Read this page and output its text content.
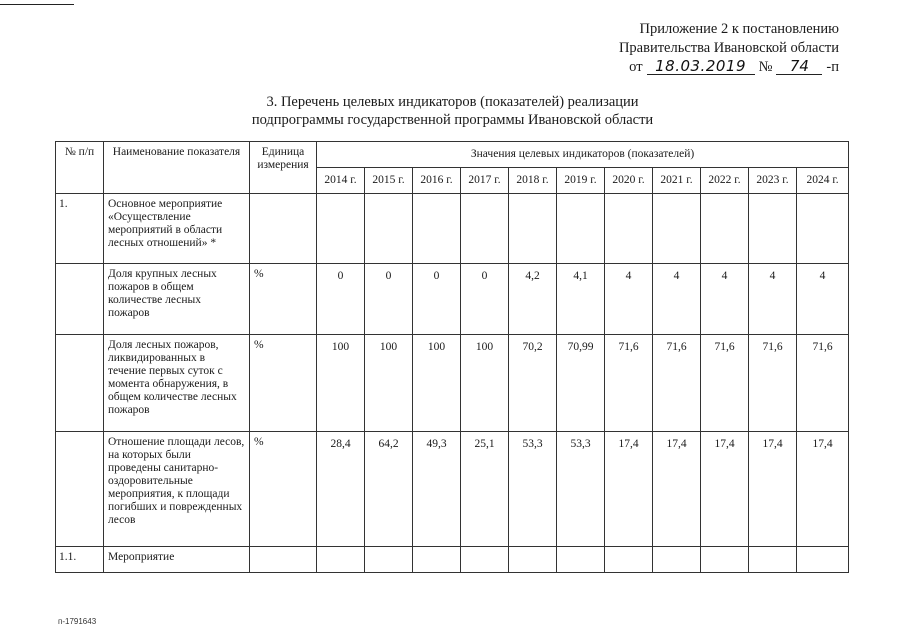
Приложение 2 к постановлению
Правительства Ивановской области
от 18.03.2019 №	74	-п
3. Перечень целевых индикаторов (показателей) реализации
подпрограммы государственной программы Ивановской области
№ п/п	Наименование показателя	Единица измерения	Значения целевых индикаторов (показателей)										
			2014 г.	2015 г.	2016 г.	2017 г.	2018 г.	2019 г.	2020 г.	2021 г.	2022 г.	2023 г.	2024 г.
1.	Основное мероприятие «Осуществление мероприятий в области лесных отношений» *												
	Доля крупных лесных пожаров в общем количестве лесных пожаров	%	0	0	0	0	4,2	4,1	4	4	4	4	4
	Доля лесных пожаров, ликвидированных в течение первых суток с момента обнаружения, в общем количестве лесных пожаров	%	100	100	100	100	70,2	70,99	71,6	71,6	71,6	71,6	71,6
	Отношение площади лесов, на которых были проведены санитарно-оздоровительные мероприятия, к площади погибших и поврежденных лесов	%	28,4	64,2	49,3	25,1	53,3	53,3	17,4	17,4	17,4	17,4	17,4
1.1.	Мероприятие												
п-1791643
